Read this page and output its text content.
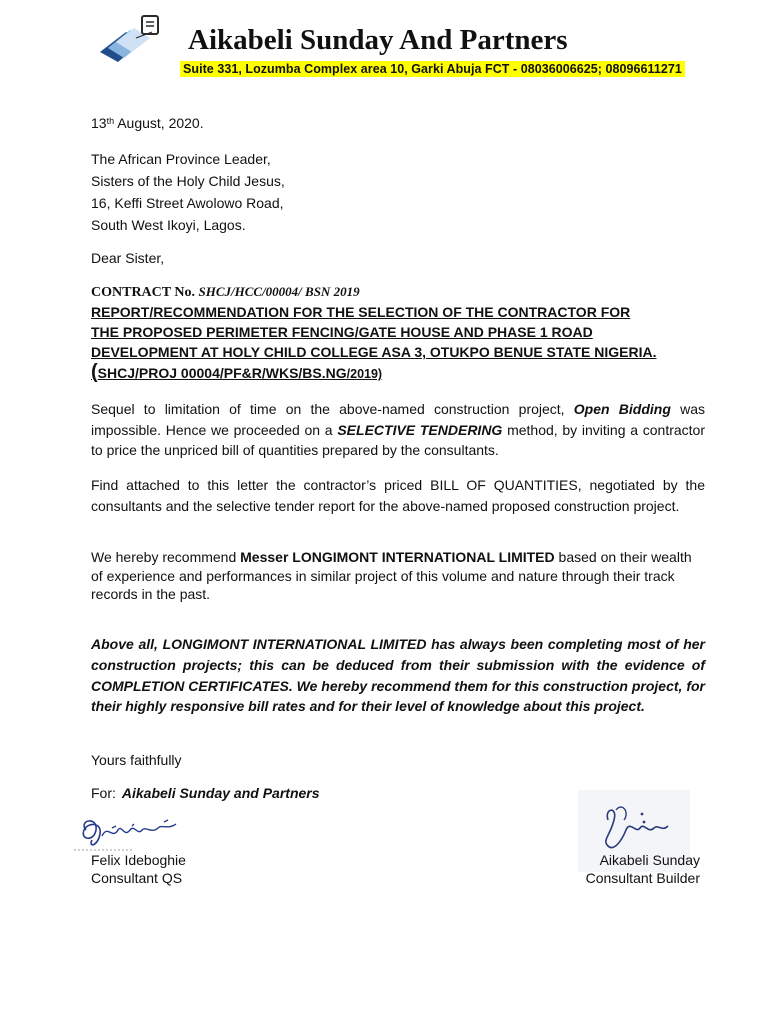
Aikabeli Sunday And Partners
Suite 331, Lozumba Complex area 10, Garki Abuja FCT - 08036006625; 08096611271
13th August, 2020.
The African Province Leader,
Sisters of the Holy Child Jesus,
16, Keffi Street Awolowo Road,
South West Ikoyi, Lagos.
Dear Sister,
CONTRACT No. SHCJ/HCC/00004/ BSN 2019
REPORT/RECOMMENDATION FOR THE SELECTION OF THE CONTRACTOR FOR
THE PROPOSED PERIMETER FENCING/GATE HOUSE AND PHASE 1 ROAD
DEVELOPMENT AT HOLY CHILD COLLEGE ASA 3, OTUKPO BENUE STATE NIGERIA.
(SHCJ/PROJ 00004/PF&R/WKS/BS.NG/2019)
Sequel to limitation of time on the above-named construction project, Open Bidding was impossible. Hence we proceeded on a SELECTIVE TENDERING method, by inviting a contractor to price the unpriced bill of quantities prepared by the consultants.
Find attached to this letter the contractor’s priced BILL OF QUANTITIES, negotiated by the consultants and the selective tender report for the above-named proposed construction project.
We hereby recommend Messer LONGIMONT INTERNATIONAL LIMITED based on their wealth of experience and performances in similar project of this volume and nature through their track records in the past.
Above all, LONGIMONT INTERNATIONAL LIMITED has always been completing most of her construction projects; this can be deduced from their submission with the evidence of COMPLETION CERTIFICATES. We hereby recommend them for this construction project, for their highly responsive bill rates and for their level of knowledge about this project.
Yours faithfully
For: Aikabeli Sunday and Partners
Felix Ideboghie
Consultant QS
Aikabeli Sunday
Consultant Builder
